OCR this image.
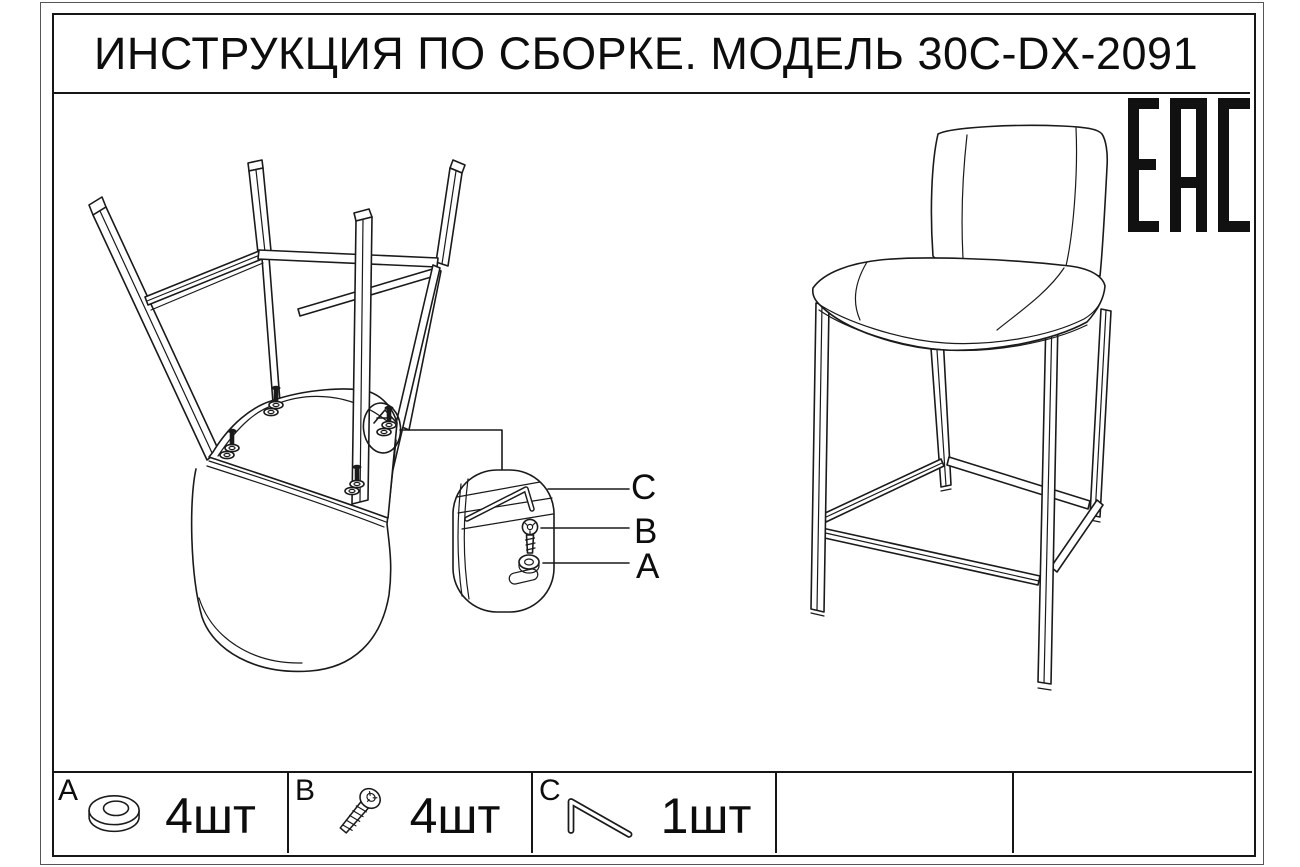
ИНСТРУКЦИЯ ПО СБОРКЕ. МОДЕЛЬ 30C-DX-2091
C
B
A
A 4шт B 4шт C 1шт
